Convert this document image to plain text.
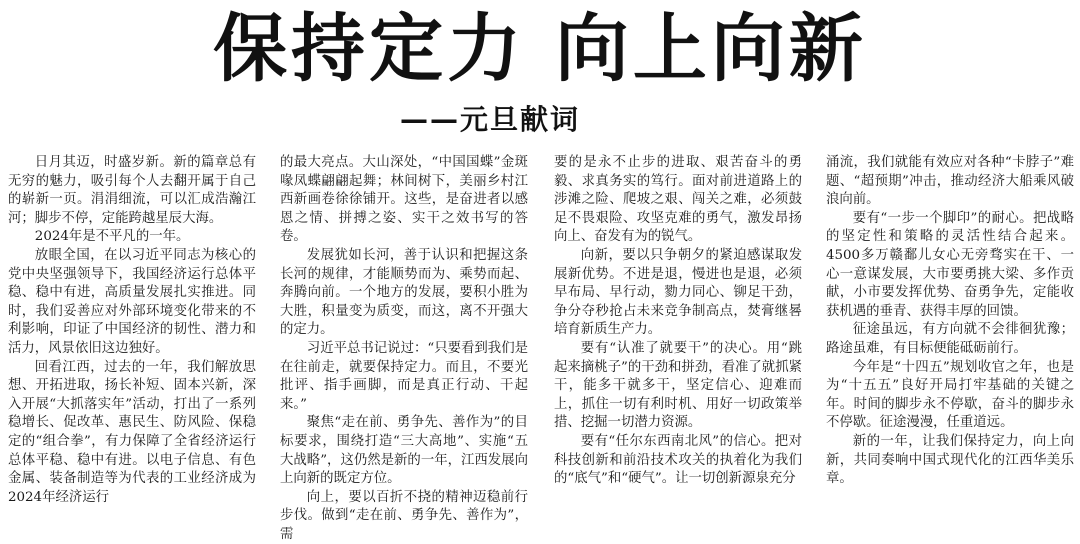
保持定力 向上向新
——元旦献词

日月其迈，时盛岁新。新的篇章总有无穷的魅力，吸引每个人去翻开属于自己的崭新一页。涓涓细流，可以汇成浩瀚江河；脚步不停，定能跨越星辰大海。

2024年是不平凡的一年。

放眼全国，在以习近平同志为核心的党中央坚强领导下，我国经济运行总体平稳、稳中有进，高质量发展扎实推进。同时，我们妥善应对外部环境变化带来的不利影响，印证了中国经济的韧性、潜力和活力，风景依旧这边独好。

回看江西，过去的一年，我们解放思想、开拓进取，扬长补短、固本兴新，深入开展“大抓落实年”活动，打出了一系列稳增长、促改革、惠民生、防风险、保稳定的“组合拳”，有力保障了全省经济运行总体平稳、稳中有进。以电子信息、有色金属、装备制造等为代表的工业经济成为2024年经济运行

的最大亮点。大山深处，“中国国蝶”金斑喙凤蝶翩翩起舞；林间树下，美丽乡村江西新画卷徐徐铺开。这些，是奋进者以感恩之情、拼搏之姿、实干之效书写的答卷。

发展犹如长河，善于认识和把握这条长河的规律，才能顺势而为、乘势而起、奔腾向前。一个地方的发展，要积小胜为大胜，积量变为质变，而这，离不开强大的定力。

习近平总书记说过：“只要看到我们是在往前走，就要保持定力。而且，不要光批评、指手画脚，而是真正行动、干起来。”

聚焦“走在前、勇争先、善作为”的目标要求，围绕打造“三大高地”、实施“五大战略”，这仍然是新的一年，江西发展向上向新的既定方位。

向上，要以百折不挠的精神迈稳前行步伐。做到“走在前、勇争先、善作为”，需

要的是永不止步的进取、艰苦奋斗的勇毅、求真务实的笃行。面对前进道路上的涉滩之险、爬坡之艰、闯关之难，必须鼓足不畏艰险、攻坚克难的勇气，激发昂扬向上、奋发有为的锐气。

向新，要以只争朝夕的紧迫感谋取发展新优势。不进是退，慢进也是退，必须早布局、早行动，勠力同心、铆足干劲，争分夺秒抢占未来竞争制高点，焚膏继晷培育新质生产力。

要有“认准了就要干”的决心。用“跳起来摘桃子”的干劲和拼劲，看准了就抓紧干，能多干就多干，坚定信心、迎难而上，抓住一切有利时机、用好一切政策举措、挖掘一切潜力资源。

要有“任尔东西南北风”的信心。把对科技创新和前沿技术攻关的执着化为我们的“底气”和“硬气”。让一切创新源泉充分

涌流，我们就能有效应对各种“卡脖子”难题、“超预期”冲击，推动经济大船乘风破浪向前。

要有“一步一个脚印”的耐心。把战略的坚定性和策略的灵活性结合起来。4500多万赣鄱儿女心无旁骛实在干、一心一意谋发展，大市要勇挑大梁、多作贡献，小市要发挥优势、奋勇争先，定能收获机遇的垂青、获得丰厚的回馈。

征途虽远，有方向就不会徘徊犹豫；路途虽难，有目标便能砥砺前行。

今年是“十四五”规划收官之年，也是为“十五五”良好开局打牢基础的关键之年。时间的脚步永不停歇，奋斗的脚步永不停歇。征途漫漫，任重道远。

新的一年，让我们保持定力，向上向新，共同奏响中国式现代化的江西华美乐章。
